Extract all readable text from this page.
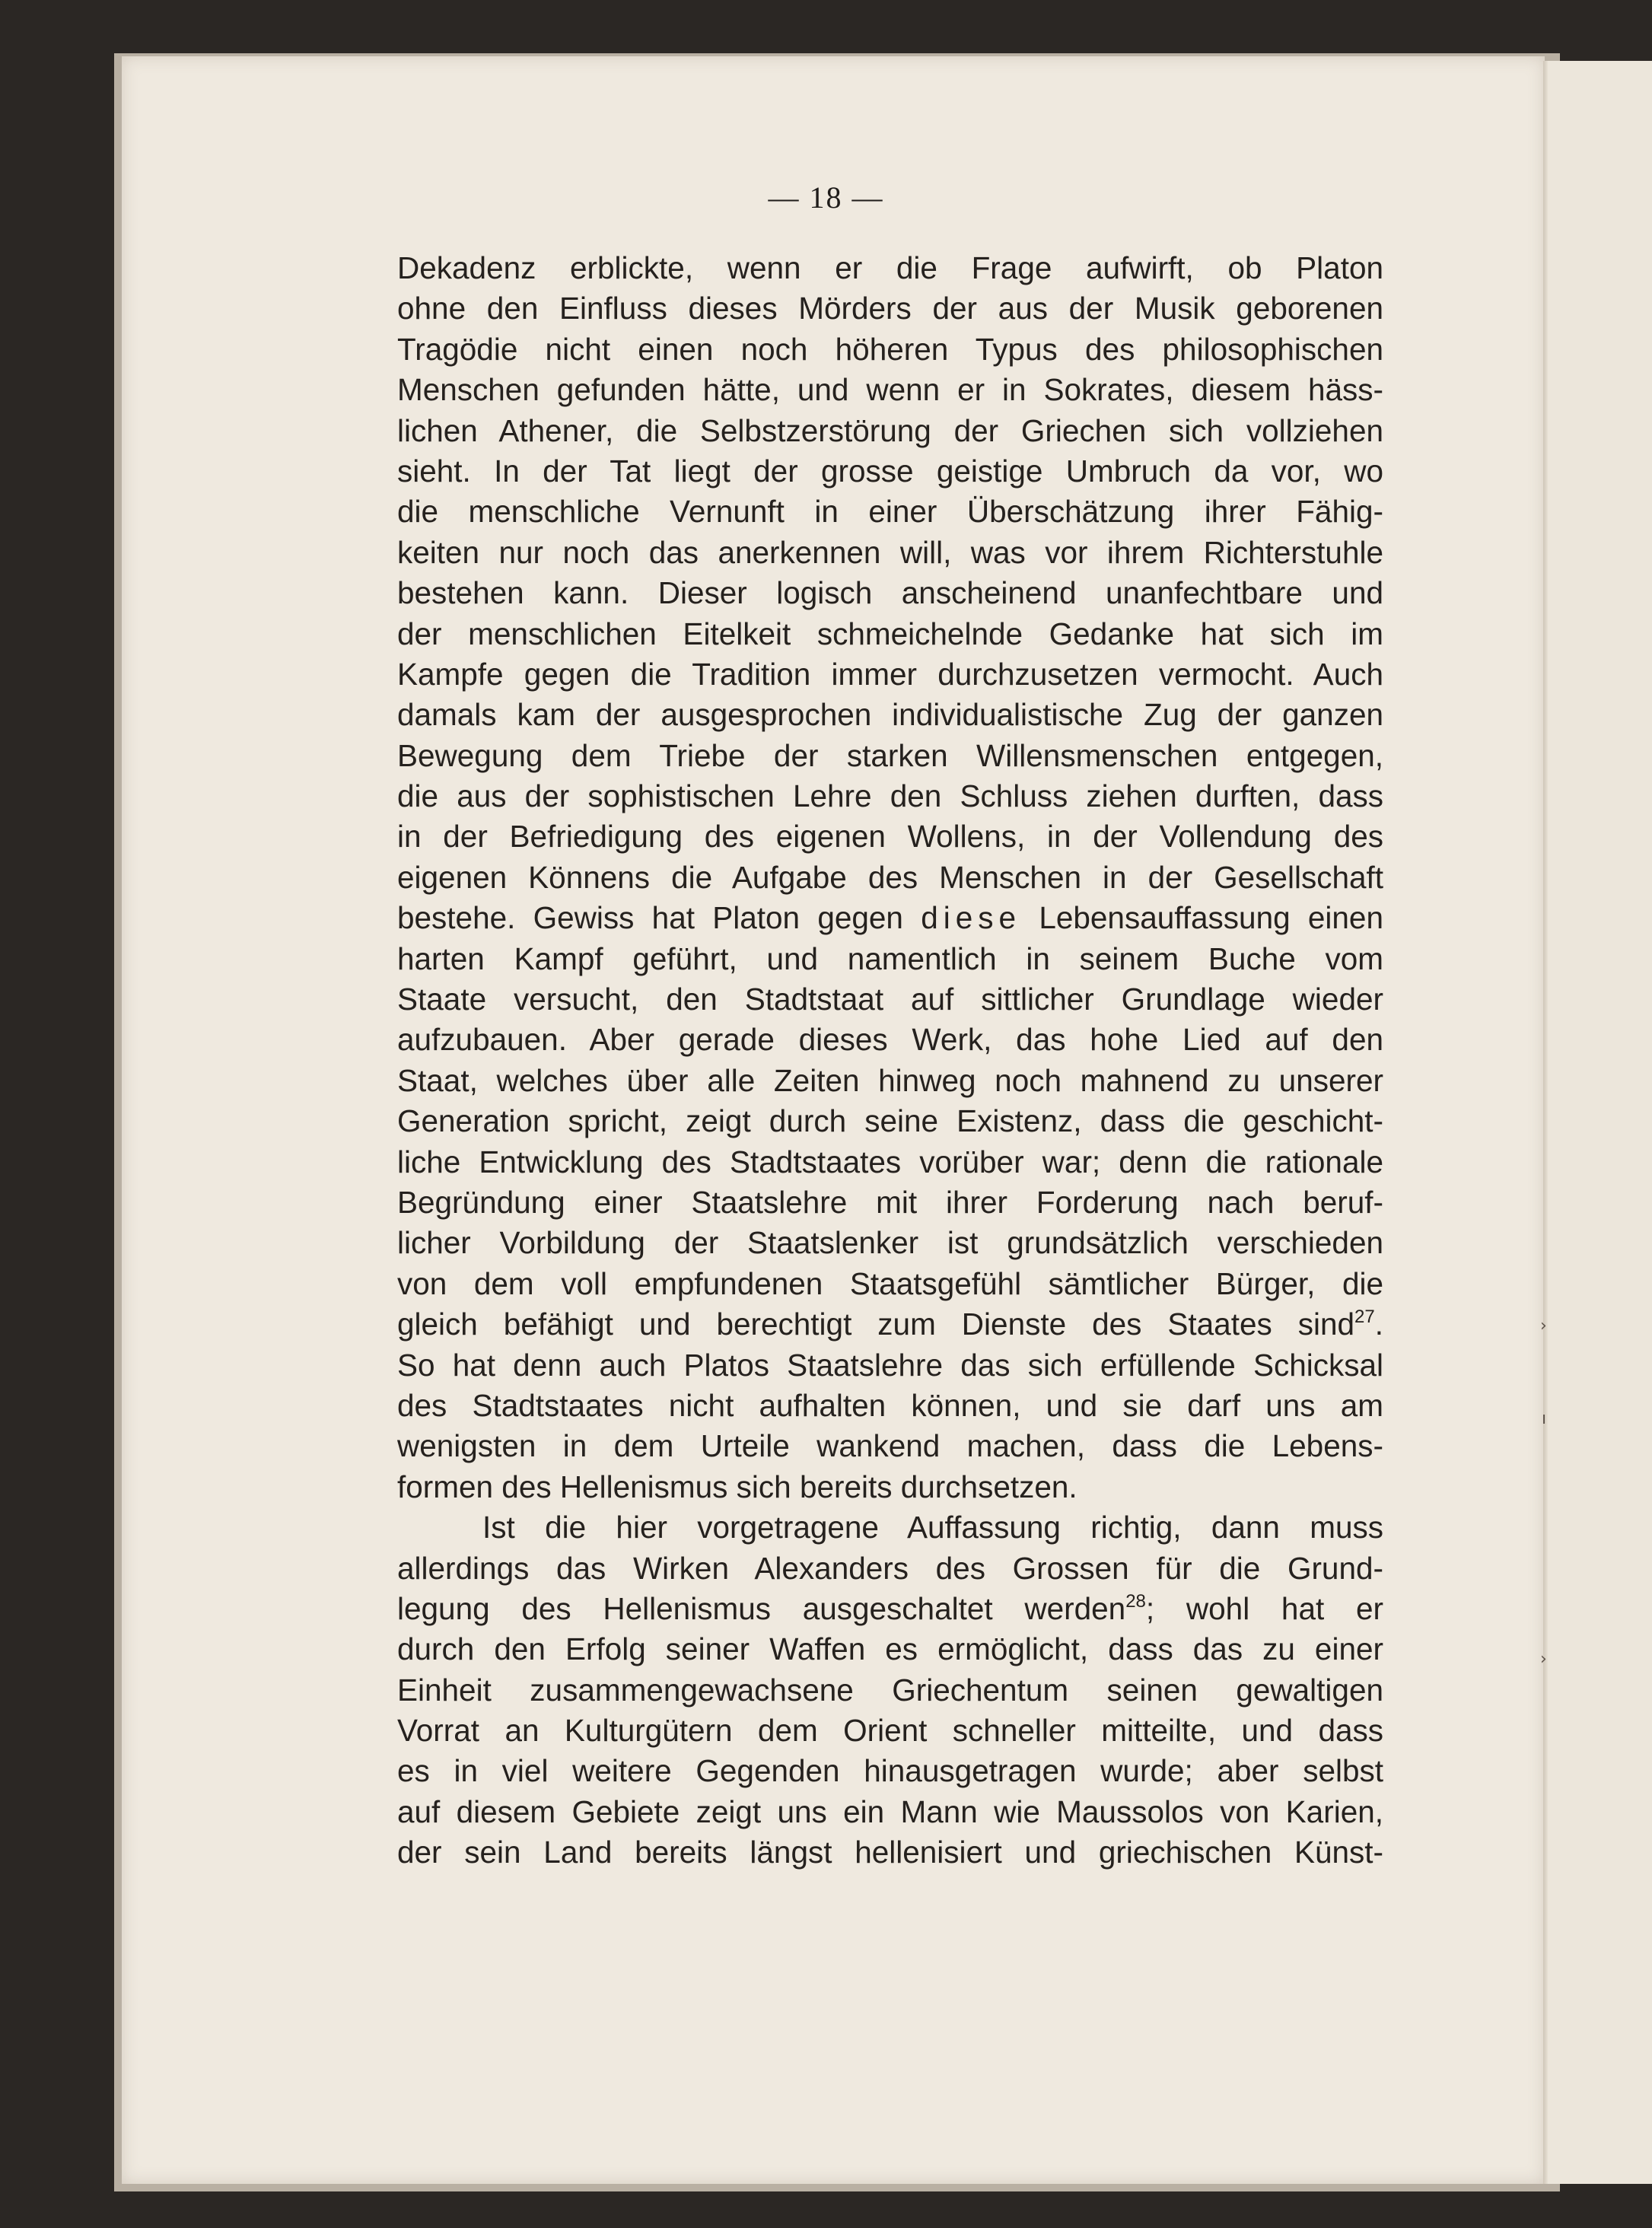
›
ı
›
— 18 —
Dekadenz erblickte, wenn er die Frage aufwirft, ob Platon
ohne den Einfluss dieses Mörders der aus der Musik geborenen
Tragödie nicht einen noch höheren Typus des philosophischen
Menschen gefunden hätte, und wenn er in Sokrates, diesem häss-
lichen Athener, die Selbstzerstörung der Griechen sich vollziehen
sieht. In der Tat liegt der grosse geistige Umbruch da vor, wo
die menschliche Vernunft in einer Überschätzung ihrer Fähig-
keiten nur noch das anerkennen will, was vor ihrem Richterstuhle
bestehen kann. Dieser logisch anscheinend unanfechtbare und
der menschlichen Eitelkeit schmeichelnde Gedanke hat sich im
Kampfe gegen die Tradition immer durchzusetzen vermocht. Auch
damals kam der ausgesprochen individualistische Zug der ganzen
Bewegung dem Triebe der starken Willensmenschen entgegen,
die aus der sophistischen Lehre den Schluss ziehen durften, dass
in der Befriedigung des eigenen Wollens, in der Vollendung des
eigenen Könnens die Aufgabe des Menschen in der Gesellschaft
bestehe. Gewiss hat Platon gegen diese Lebensauffassung einen
harten Kampf geführt, und namentlich in seinem Buche vom
Staate versucht, den Stadtstaat auf sittlicher Grundlage wieder
aufzubauen. Aber gerade dieses Werk, das hohe Lied auf den
Staat, welches über alle Zeiten hinweg noch mahnend zu unserer
Generation spricht, zeigt durch seine Existenz, dass die geschicht-
liche Entwicklung des Stadtstaates vorüber war; denn die rationale
Begründung einer Staatslehre mit ihrer Forderung nach beruf-
licher Vorbildung der Staatslenker ist grundsätzlich verschieden
von dem voll empfundenen Staatsgefühl sämtlicher Bürger, die
gleich befähigt und berechtigt zum Dienste des Staates sind$^{27}$.
So hat denn auch Platos Staatslehre das sich erfüllende Schicksal
des Stadtstaates nicht aufhalten können, und sie darf uns am
wenigsten in dem Urteile wankend machen, dass die Lebens-
formen des Hellenismus sich bereits durchsetzen.
Ist die hier vorgetragene Auffassung richtig, dann muss
allerdings das Wirken Alexanders des Grossen für die Grund-
legung des Hellenismus ausgeschaltet werden$^{28}$; wohl hat er
durch den Erfolg seiner Waffen es ermöglicht, dass das zu einer
Einheit zusammengewachsene Griechentum seinen gewaltigen
Vorrat an Kulturgütern dem Orient schneller mitteilte, und dass
es in viel weitere Gegenden hinausgetragen wurde; aber selbst
auf diesem Gebiete zeigt uns ein Mann wie Maussolos von Karien,
der sein Land bereits längst hellenisiert und griechischen Künst-
